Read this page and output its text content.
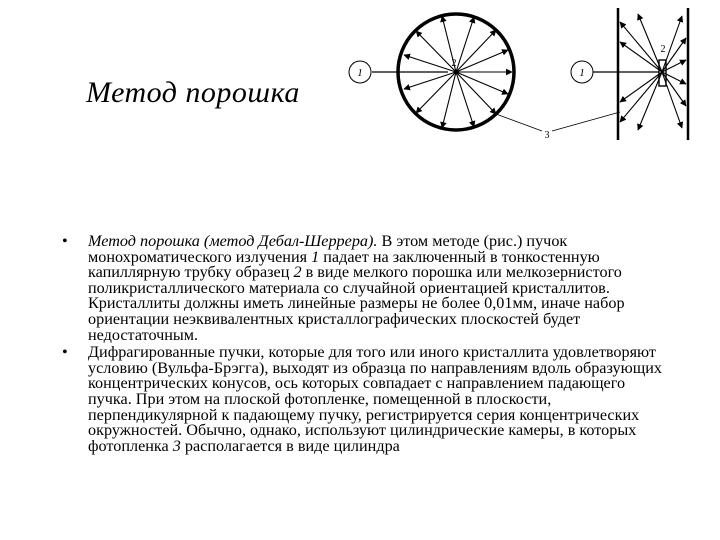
Метод порошка
1
2
1
2
3
• Метод порошка (метод Дебал-Шеррера). В этом методе (рис.) пучок монохроматического излучения 1 падает на заключенный в тонкостенную капиллярную трубку образец 2 в виде мелкого порошка или мелкозернистого поликристаллического материала со случайной ориентацией кристаллитов. Кристаллиты должны иметь линейные размеры не более 0,01мм, иначе набор ориентации неэквивалентных кристаллографических плоскостей будет недостаточным.
• Дифрагированные пучки, которые для того или иного кристаллита удовлетворяют условию (Вульфа-Брэгга), выходят из образца по направлениям вдоль образующих концентрических конусов, ось которых совпадает с направлением падающего пучка. При этом на плоской фотопленке, помещенной в плоскости, перпендикулярной к падающему пучку, регистрируется серия концентрических окружностей. Обычно, однако, используют цилиндрические камеры, в которых фотопленка 3 располагается в виде цилиндра
